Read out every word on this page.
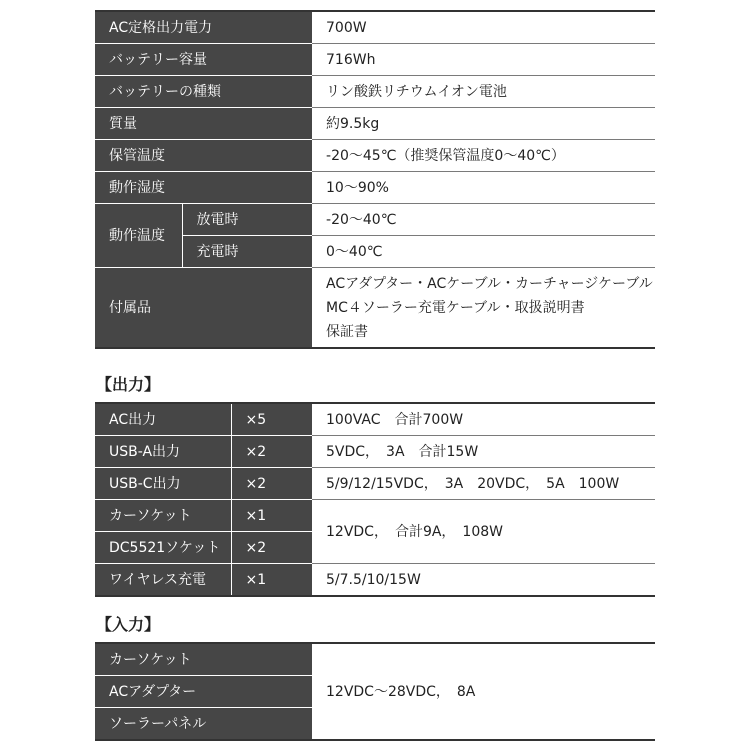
AC定格出力電力		700W
バッテリー容量		716Wh
バッテリーの種類		リン酸鉄リチウムイオン電池
質量		約9.5kg
保管温度		-20〜45℃（推奨保管温度0〜40℃）
動作湿度		10〜90%
動作温度	放電時	-20〜40℃
	充電時	0〜40℃
付属品		ACアダプター・ACケーブル・カーチャージケーブル
MC４ソーラー充電ケーブル・取扱説明書
保証書
【出力】
AC出力	×5	100VAC　合計700W
USB-A出力	×2	5VDC，　3A　合計15W
USB-C出力	×2	5/9/12/15VDC，　3A　20VDC，　5A　100W
カーソケット	×1	12VDC，　合計9A，　108W
DC5521ソケット	×2	
ワイヤレス充電	×1	5/7.5/10/15W
【入力】
カーソケット	12VDC〜28VDC，　8A
ACアダプター
ソーラーパネル
